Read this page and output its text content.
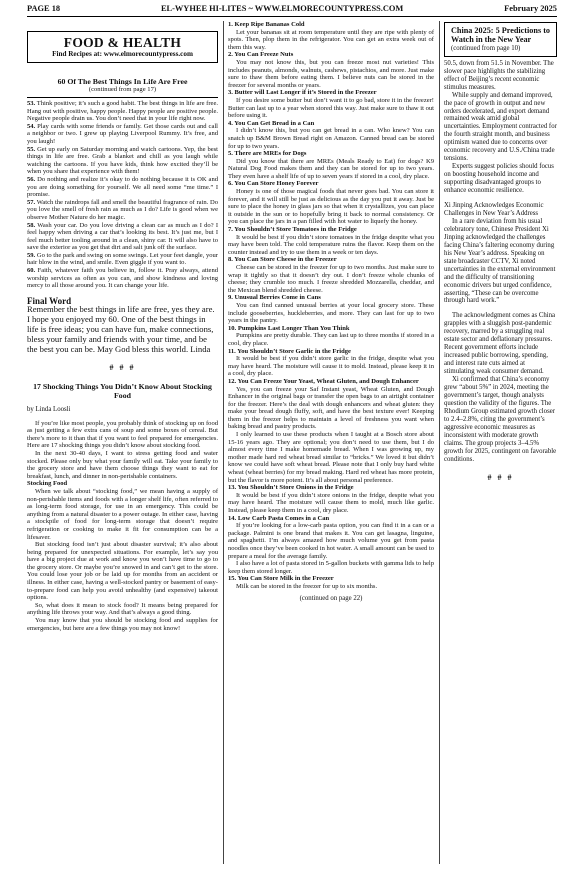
PAGE 18	EL-WYHEE HI-LITES ~ WWW.ELMORECOUNTYPRESS.COM	February 2025
FOOD & HEALTH
Find Recipes at: www.elmorecountypress.com
60 Of The Best Things In Life Are Free
(continued from page 17)

53. Think positive; it’s such a good habit. The best things in life are free. Hang out with positive, happy people. Happy people are positive people. Negative people drain us. You don’t need that in your life right now.

54. Play cards with some friends or family. Get those cards out and call a neighbor or two. I grew up playing Liverpool Rummy. It’s free, and you laugh!

55. Get up early on Saturday morning and watch cartoons. Yep, the best things in life are free. Grab a blanket and chill as you laugh while watching the cartoons. If you have kids, think how excited they’ll be when you share that experience with them!

56. Do nothing and realize it’s okay to do nothing because it is OK and you are doing something for yourself. We all need some “me time.” I promise.

57. Watch the raindrops fall and smell the beautiful fragrance of rain. Do you love the smell of fresh rain as much as I do? Life is good when we observe Mother Nature do her magic.

58. Wash your car. Do you love driving a clean car as much as I do? I feel happy when driving a car that’s looking its best. It’s just me, but I feel much better tooling around in a clean, shiny car. It will also have to save the exterior as you get that dirt and salt junk off the surface.

59. Go to the park and swing on some swings. Let your feet dangle, your hair blow in the wind, and smile. Even giggle if you want to.

60. Faith, whatever faith you believe in, follow it. Pray always, attend worship services as often as you can, and show kindness and loving mercy to all those around you. It can change your life.

Final Word
Remember the best things in life are free, yes they are. I hope you enjoyed my 60. One of the best things in life is free ideas; you can have fun, make connections, bless your family and friends with your time, and be the best you can be. May God bless this world. Linda
# # #
17 Shocking Things You Didn’t Know About Stocking Food
by Linda Loosli

If you’re like most people, you probably think of stocking up on food as just getting a few extra cans of soup and some boxes of cereal. But there’s more to it than that if you want to feel prepared for emergencies. Here are 17 shocking things you didn’t know about stocking food.

In the next 30-40 days, I want to stress getting food and water stocked. Please only buy what your family will eat. Take your family to the grocery store and have them choose things they want to eat for breakfast, lunch, and dinner in non-perishable containers.

Stocking Food

When we talk about “stocking food,” we mean having a supply of non-perishable items and foods with a longer shelf life, often referred to as long-term food storage, for use in an emergency. This could be anything from a natural disaster to a power outage. In either case, having a stockpile of food for long-term storage that doesn’t require refrigeration or cooking to make it fit for consumption can be a lifesaver.

But stocking food isn’t just about disaster survival; it’s also about being prepared for unexpected situations. For example, let’s say you have a big project due at work and know you won’t have time to go to the grocery store. Or maybe you’re snowed in and can’t get to the store. You could lose your job or be laid up for months from an accident or illness. In either case, having a well-stocked pantry or basement of easy-to-prepare food can help you avoid unhealthy (and expensive) takeout options.

So, what does it mean to stock food? It means being prepared for anything life throws your way. And that’s always a good thing.

You may know that you should be stocking food and supplies for emergencies, but here are a few things you may not know!

1. Keep Ripe Bananas Cold

Let your bananas sit at room temperature until they are ripe with plenty of spots. Then, plop them in the refrigerator. You can get an extra week out of them this way.

2. You Can Freeze Nuts

You may not know this, but you can freeze most nut varieties! This includes peanuts, almonds, walnuts, cashews, pistachios, and more. Just make sure to thaw them before eating them. I believe nuts can be stored in the freezer for several months or years.

3. Butter will Last Longer if it’s Stored in the Freezer

If you desire some butter but don’t want it to go bad, store it in the freezer! Butter can last up to a year when stored this way. Just make sure to thaw it out before using it.

4. You Can Get Bread in a Can

I didn’t know this, but you can get bread in a can. Who knew? You can snatch up B&M Brown Bread right on Amazon. Canned bread can be stored for up to two years.

5. There are MREs for Dogs

Did you know that there are MREs (Meals Ready to Eat) for dogs? K9 Natural Dog Food makes them and they can be stored for up to two years. They even have a shelf life of up to seven years if stored in a cool, dry place.

6. You Can Store Honey Forever

Honey is one of those magical foods that never goes bad. You can store it forever, and it will still be just as delicious as the day you put it away. Just be sure to place the honey in glass jars so that when it crystallizes, you can place it outside in the sun or to hopefully bring it back to normal consistency. Or you can place the jars in a pan filled with hot water to liquefy the honey.

7. You Shouldn’t Store Tomatoes in the Fridge

It would be best if you didn’t store tomatoes in the fridge despite what you may have been told. The cold temperature ruins the flavor. Keep them on the counter instead and try to use them in a week or ten days.

8. You Can Store Cheese in the Freezer

Cheese can be stored in the freezer for up to two months. Just make sure to wrap it tightly so that it doesn’t dry out. I don’t freeze whole chunks of cheese; they crumble too much. I freeze shredded Mozzarella, cheddar, and the Mexican blend shredded cheese.

9. Unusual Berries Come in Cans

You can find canned unusual berries at your local grocery store. These include gooseberries, huckleberries, and more. They can last for up to two years in the pantry.

10. Pumpkins Last Longer Than You Think

Pumpkins are pretty durable. They can last up to three months if stored in a cool, dry place.

11. You Shouldn’t Store Garlic in the Fridge

It would be best if you didn’t store garlic in the fridge, despite what you may have heard. The moisture will cause it to mold. Instead, please keep it in a cool, dry place.

12. You Can Freeze Your Yeast, Wheat Gluten, and Dough Enhancer

Yes, you can freeze your Saf Instant yeast, Wheat Gluten, and Dough Enhancer in the original bags or transfer the open bags to an airtight container for the freezer. Here’s the deal with dough enhancers and wheat gluten: they make your bread dough fluffy, soft, and have the best texture ever! Keeping them in the freezer helps to maintain a level of freshness you want when baking bread and pastry products.

I only learned to use these products when I taught at a Bosch store about 15-16 years ago. They are optional; you don’t need to use them, but I do almost every time I make homemade bread. When I was growing up, my mother made hard red wheat bread similar to “bricks.” We loved it but didn’t know we could have soft wheat bread. Please note that I only buy hard white wheat (wheat berries) for my bread making. Hard red wheat has more protein, but the flavor is more potent. It’s all about personal preference.

13. You Shouldn’t Store Onions in the Fridge

It would be best if you didn’t store onions in the fridge, despite what you may have heard. The moisture will cause them to mold, much like garlic. Instead, please keep them in a cool, dry place.

14. Low Carb Pasta Comes in a Can

If you’re looking for a low-carb pasta option, you can find it in a can or a package. Palmini is one brand that makes it. You can get lasagna, linguine, and spaghetti. I’m always amazed how much volume you get from pasta noodles once they’ve been cooked in hot water. A small amount can be used to prepare a meal for the average family.

I also have a lot of pasta stored in 5-gallon buckets with gamma lids to help keep them stored longer.

15. You Can Store Milk in the Freezer

Milk can be stored in the freezer for up to six months.

(continued on page 22)
China 2025: 5 Predictions to Watch in the New Year
(continued from page 10)

50.5, down from 51.5 in November. The slower pace highlights the stabilizing effect of Beijing’s recent economic stimulus measures.

While supply and demand improved, the pace of growth in output and new orders decelerated, and export demand remained weak amid global uncertainties. Employment contracted for the fourth straight month, and business optimism waned due to concerns over economic recovery and U.S./China trade tensions.

Experts suggest policies should focus on boosting household income and supporting disadvantaged groups to enhance economic resilience.

Xi Jinping Acknowledges Economic Challenges in New Year’s Address

In a rare deviation from his usual celebratory tone, Chinese President Xi Jinping acknowledged the challenges facing China’s faltering economy during his New Year’s address. Speaking on state broadcaster CCTV, Xi noted uncertainties in the external environment and the difficulty of transitioning economic drivers but urged confidence, asserting, “These can be overcome through hard work.”

The acknowledgment comes as China grapples with a sluggish post-pandemic recovery, marred by a struggling real estate sector and deflationary pressures. Recent government efforts include increased public borrowing, spending, and interest rate cuts aimed at stimulating weak consumer demand.

Xi confirmed that China’s economy grew “about 5%” in 2024, meeting the government’s target, though analysts question the validity of the figures. The Rhodium Group estimated growth closer to 2.4–2.8%, citing the government’s aggressive economic measures as inconsistent with moderate growth claims. The group projects 3–4.5% growth for 2025, contingent on favorable conditions.

# # #
